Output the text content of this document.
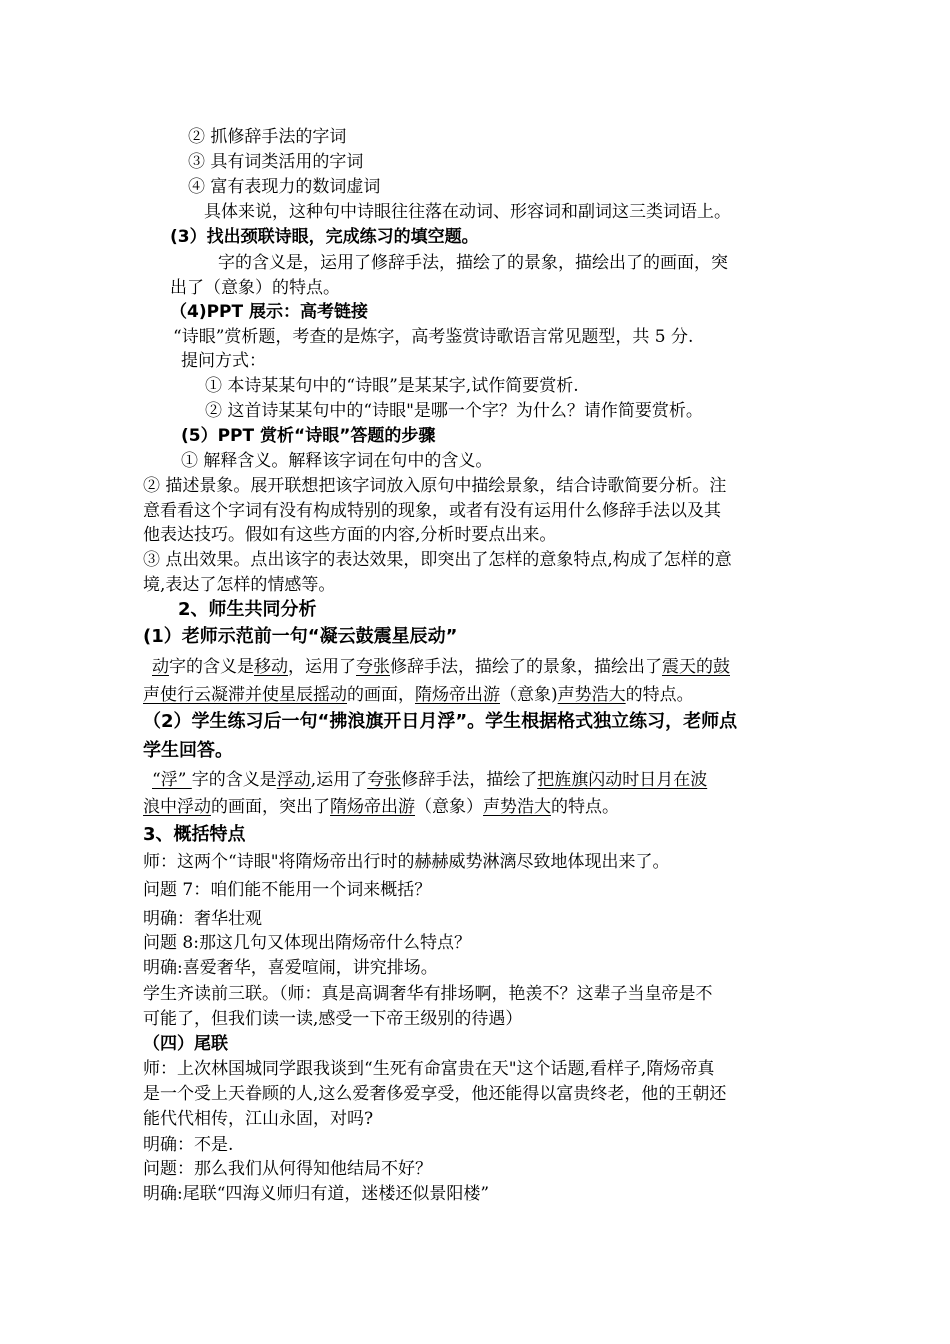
② 抓修辞手法的字词
③ 具有词类活用的字词
④ 富有表现力的数词虚词
具体来说，这种句中诗眼往往落在动词、形容词和副词这三类词语上。
(3）找出颈联诗眼，完成练习的填空题。
字的含义是，运用了修辞手法，描绘了的景象，描绘出了的画面，突
出了（意象）的特点。
（4)PPT 展示：高考链接
“诗眼”赏析题，考查的是炼字，高考鉴赏诗歌语言常见题型，共 5 分.
提问方式：
① 本诗某某句中的“诗眼”是某某字,试作简要赏析.
② 这首诗某某句中的“诗眼"是哪一个字？为什么？请作简要赏析。
(5）PPT 赏析“诗眼”答题的步骤
① 解释含义。解释该字词在句中的含义。
② 描述景象。展开联想把该字词放入原句中描绘景象，结合诗歌简要分析。注
意看看这个字词有没有构成特别的现象，或者有没有运用什么修辞手法以及其
他表达技巧。假如有这些方面的内容,分析时要点出来。
③ 点出效果。点出该字的表达效果，即突出了怎样的意象特点,构成了怎样的意
境,表达了怎样的情感等。
2、师生共同分析
(1）老师示范前一句“凝云鼓震星辰动”
动字的含义是移动，运用了夸张修辞手法，描绘了的景象，描绘出了震天的鼓
声使行云凝滞并使星辰摇动的画面，隋炀帝出游（意象)声势浩大的特点。
（2）学生练习后一句“拂浪旗开日月浮”。学生根据格式独立练习，老师点
学生回答。
“浮” 字的含义是浮动,运用了夸张修辞手法，描绘了把旌旗闪动时日月在波
浪中浮动的画面，突出了隋炀帝出游（意象）声势浩大的特点。
3、概括特点
师：这两个“诗眼"将隋炀帝出行时的赫赫威势淋漓尽致地体现出来了。
问题 7：咱们能不能用一个词来概括？
明确：奢华壮观
问题 8:那这几句又体现出隋炀帝什么特点？
明确:喜爱奢华，喜爱喧闹，讲究排场。
学生齐读前三联。（师：真是高调奢华有排场啊，艳羡不？这辈子当皇帝是不
可能了，但我们读一读,感受一下帝王级别的待遇）
（四）尾联
师：上次林国城同学跟我谈到“生死有命富贵在天"这个话题,看样子,隋炀帝真
是一个受上天眷顾的人,这么爱奢侈爱享受，他还能得以富贵终老，他的王朝还
能代代相传，江山永固，对吗?
明确：不是.
问题：那么我们从何得知他结局不好？
明确:尾联“四海义师归有道，迷楼还似景阳楼”
